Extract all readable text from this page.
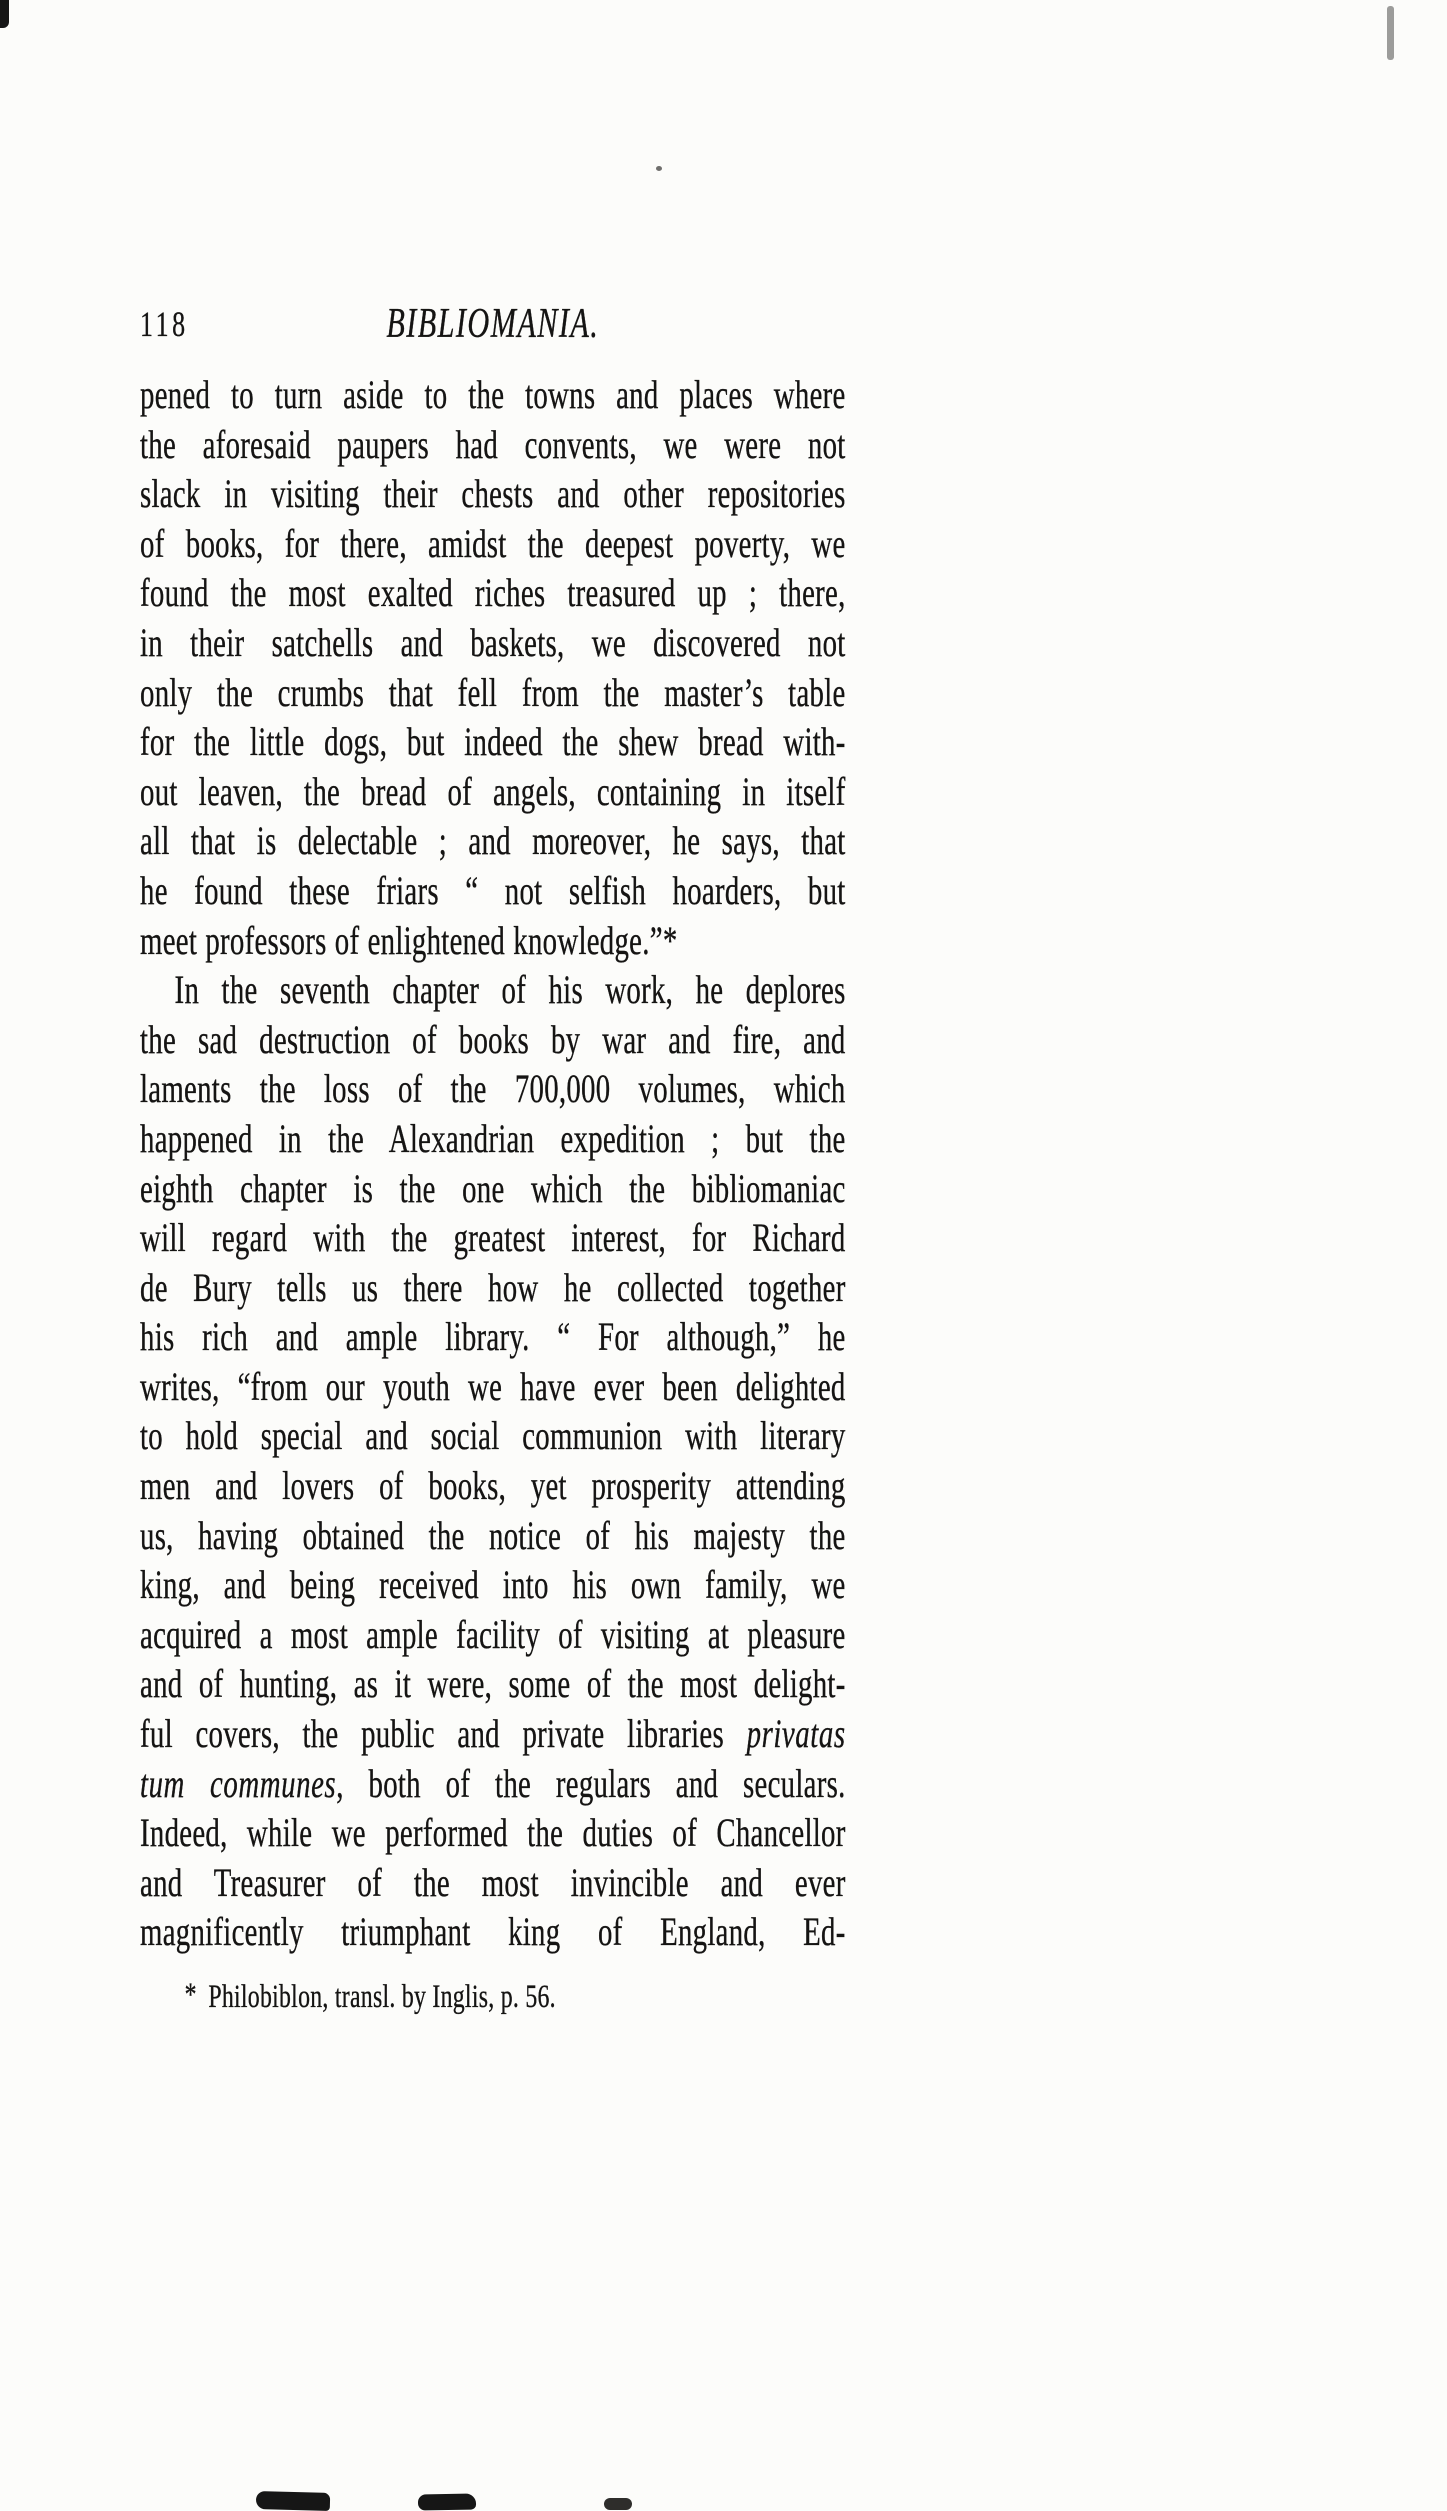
118	BIBLIOMANIA.
pened to turn aside to the towns and places where
the aforesaid paupers had convents, we were not
slack in visiting their chests and other repositories
of books, for there, amidst the deepest poverty, we
found the most exalted riches treasured up ; there,
in their satchells and baskets, we discovered not
only the crumbs that fell from the master’s table
for the little dogs, but indeed the shew bread with-
out leaven, the bread of angels, containing in itself
all that is delectable ; and moreover, he says, that
he found these friars “ not selfish hoarders, but
meet professors of enlightened knowledge.”*
In the seventh chapter of his work, he deplores
the sad destruction of books by war and fire, and
laments the loss of the 700,000 volumes, which
happened in the Alexandrian expedition ; but the
eighth chapter is the one which the bibliomaniac
will regard with the greatest interest, for Richard
de Bury tells us there how he collected together
his rich and ample library. “ For although,” he
writes, “from our youth we have ever been delighted
to hold special and social communion with literary
men and lovers of books, yet prosperity attending
us, having obtained the notice of his majesty the
king, and being received into his own family, we
acquired a most ample facility of visiting at pleasure
and of hunting, as it were, some of the most delight-
ful covers, the public and private libraries privatas
tum communes, both of the regulars and seculars.
Indeed, while we performed the duties of Chancellor
and Treasurer of the most invincible and ever
magnificently triumphant king of England, Ed-
* Philobiblon, transl. by Inglis, p. 56.
